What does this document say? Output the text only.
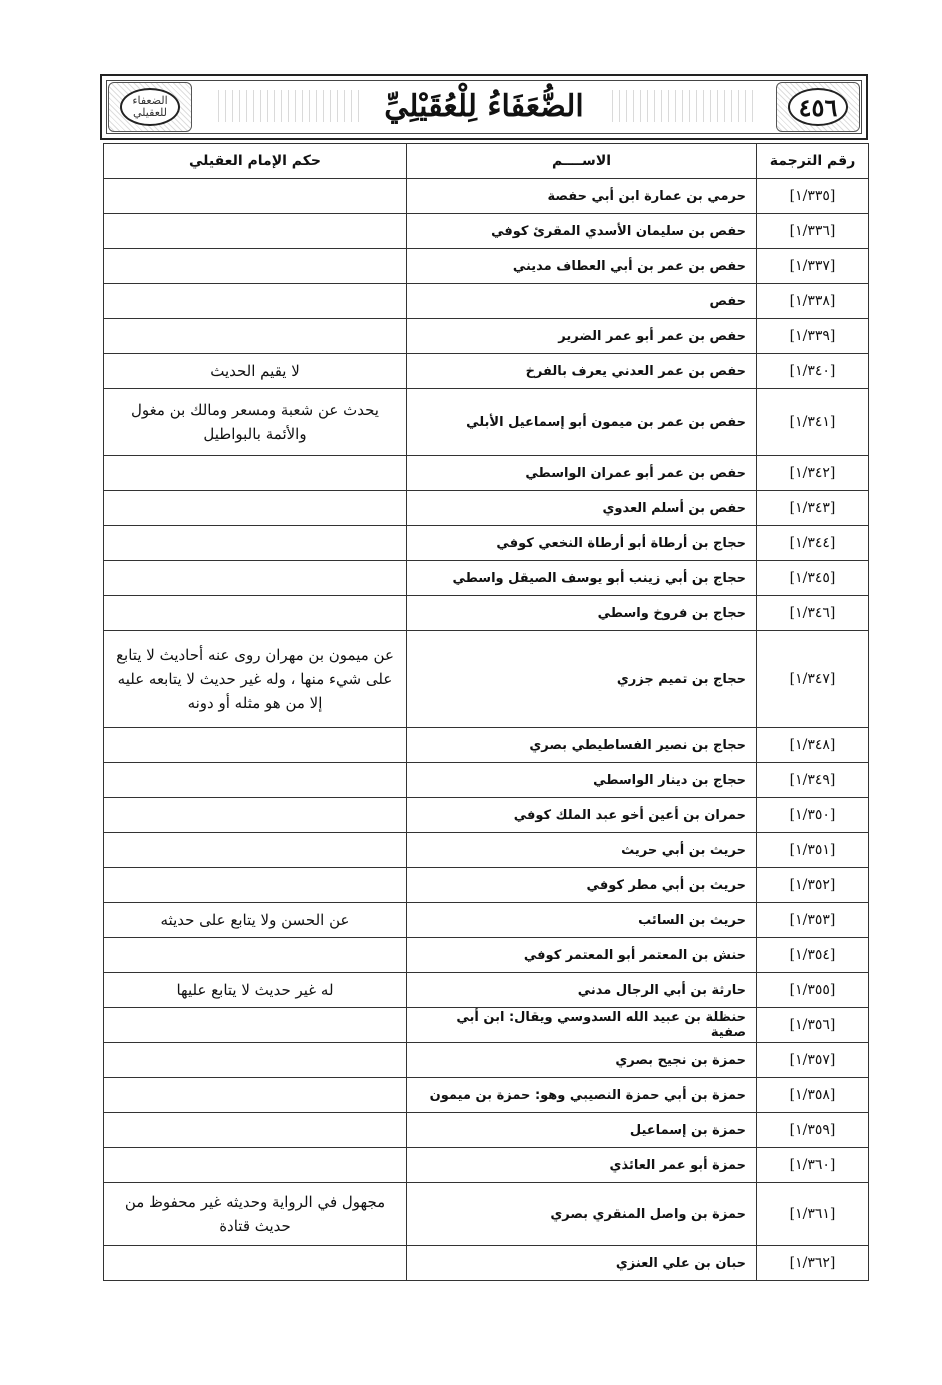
٤٥٦
الضُّعَفَاءُ لِلْعُقَيْلِيِّ
الضعفاء للعقيلي
رقم الترجمة	الاســــم	حكم الإمام العقيلي
[١/٣٣٥]	حرمي بن عمارة ابن أبي حفصة	
[١/٣٣٦]	حفص بن سليمان الأسدي المقرئ كوفي	
[١/٣٣٧]	حفص بن عمر بن أبي العطاف مديني	
[١/٣٣٨]	حفص	
[١/٣٣٩]	حفص بن عمر أبو عمر الضرير	
[١/٣٤٠]	حفص بن عمر العدني يعرف بالفرخ	لا يقيم الحديث
[١/٣٤١]	حفص بن عمر بن ميمون أبو إسماعيل الأبلي	يحدث عن شعبة ومسعر ومالك بن مغول والأئمة بالبواطيل
[١/٣٤٢]	حفص بن عمر أبو عمران الواسطي	
[١/٣٤٣]	حفص بن أسلم العدوي	
[١/٣٤٤]	حجاج بن أرطاة أبو أرطاة النخعي كوفي	
[١/٣٤٥]	حجاج بن أبي زينب أبو يوسف الصيقل واسطي	
[١/٣٤٦]	حجاج بن فروخ واسطي	
[١/٣٤٧]	حجاج بن تميم جزري	عن ميمون بن مهران روى عنه أحاديث لا يتابع على شيء منها ، وله غير حديث لا يتابعه عليه إلا من هو مثله أو دونه
[١/٣٤٨]	حجاج بن نصير الفساطيطي بصري	
[١/٣٤٩]	حجاج بن دينار الواسطي	
[١/٣٥٠]	حمران بن أعين أخو عبد الملك كوفي	
[١/٣٥١]	حريث بن أبي حريث	
[١/٣٥٢]	حريث بن أبي مطر كوفي	
[١/٣٥٣]	حريث بن السائب	عن الحسن ولا يتابع على حديثه
[١/٣٥٤]	حنش بن المعتمر أبو المعتمر كوفي	
[١/٣٥٥]	حارثة بن أبي الرجال مدني	له غير حديث لا يتابع عليها
[١/٣٥٦]	حنظلة بن عبيد الله السدوسي ويقال: ابن أبي صفية	
[١/٣٥٧]	حمزة بن نجيح بصري	
[١/٣٥٨]	حمزة بن أبي حمزة النصيبي وهو: حمزة بن ميمون	
[١/٣٥٩]	حمزة بن إسماعيل	
[١/٣٦٠]	حمزة أبو عمر العائذي	
[١/٣٦١]	حمزة بن واصل المنقري بصري	مجهول في الرواية وحديثه غير محفوظ من حديث قتادة
[١/٣٦٢]	حبان بن علي العنزي	
